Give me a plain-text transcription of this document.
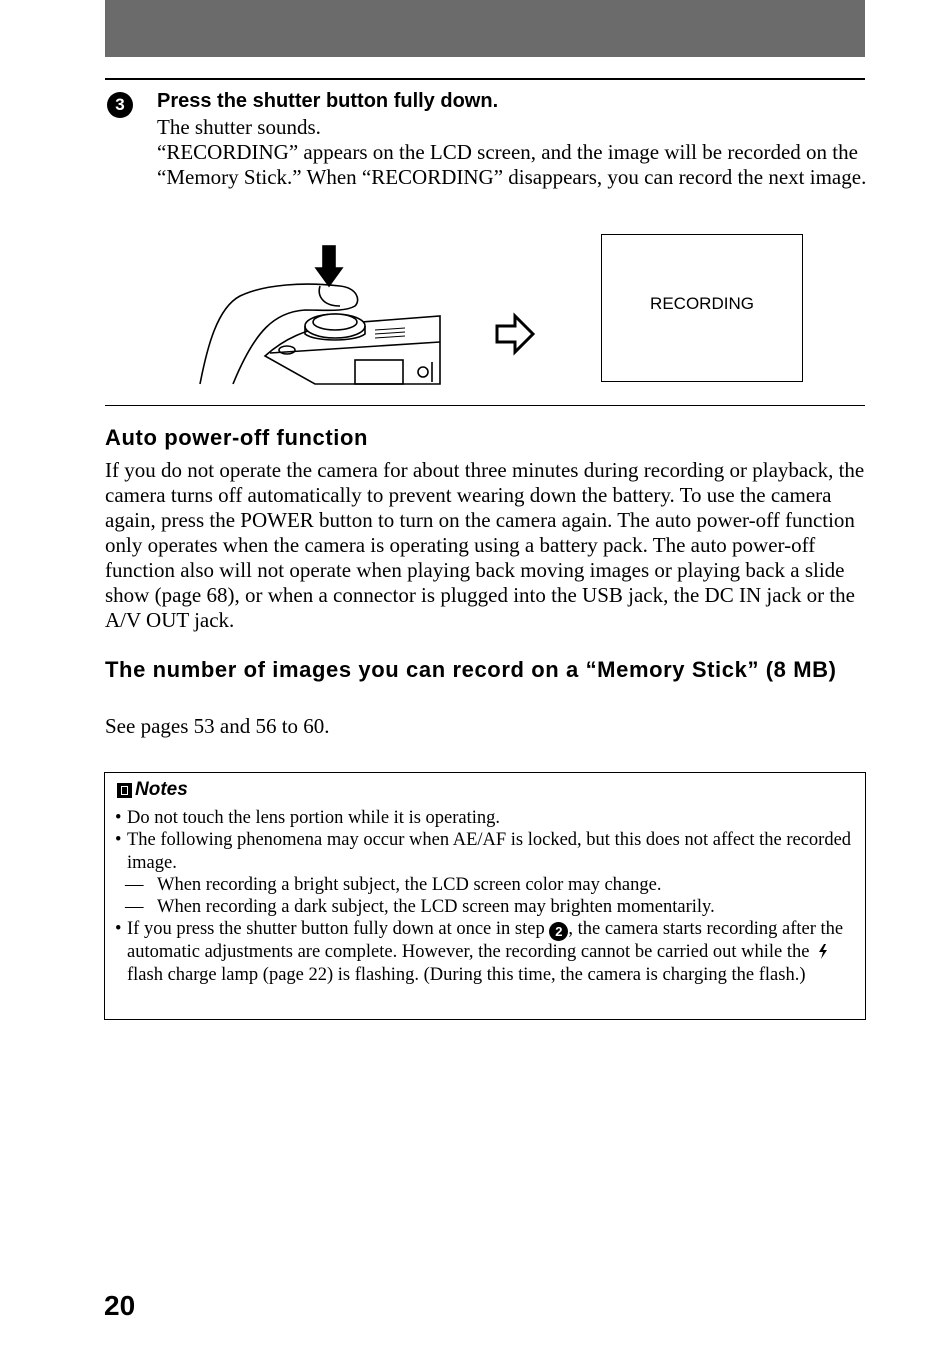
3	Press the shutter button fully down.

The shutter sounds.

“RECORDING” appears on the LCD screen, and the image will be recorded on the “Memory Stick.” When “RECORDING” disappears, you can record the next image.

RECORDING
Auto power-off function

If you do not operate the camera for about three minutes during recording or playback, the camera turns off automatically to prevent wearing down the battery. To use the camera again, press the POWER button to turn on the camera again. The auto power-off function only operates when the camera is operating using a battery pack. The auto power-off function also will not operate when playing back moving images or playing back a slide show (page 68), or when a connector is plugged into the USB jack, the DC IN jack or the A/V OUT jack.

The number of images you can record on a “Memory Stick” (8 MB)

See pages 53 and 56 to 60.

Notes
• Do not touch the lens portion while it is operating.
• The following phenomena may occur when AE/AF is locked, but this does not affect the recorded image.
— When recording a bright subject, the LCD screen color may change.
— When recording a dark subject, the LCD screen may brighten momentarily.
• If you press the shutter button fully down at once in step 2 , the camera starts recording after the automatic adjustments are complete. However, the recording cannot be carried out while the  flash charge lamp (page 22) is flashing. (During this time, the camera is charging the flash.)
20
